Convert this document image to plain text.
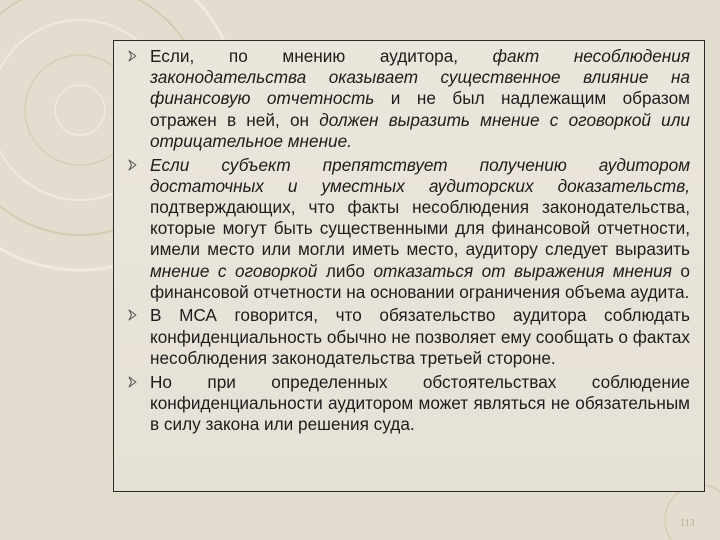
Если, по мнению аудитора, факт несоблюдения законодательства оказывает существенное влияние на финансовую отчетность и не был надлежащим образом отражен в ней, он должен выразить мнение с оговоркой или отрицательное мнение.

Если субъект препятствует получению аудитором достаточных и уместных аудиторских доказательств, подтверждающих, что факты несоблюдения законодательства, которые могут быть существенными для финансовой отчетности, имели место или могли иметь место, аудитору следует выразить мнение с оговоркой либо отказаться от выражения мнения о финансовой отчетности на основании ограничения объема аудита.

В МСА говорится, что обязательство аудитора соблюдать конфиденциальность обычно не позволяет ему сообщать о фактах несоблюдения законодательства третьей стороне.

Но при определенных обстоятельствах соблюдение конфиденциальности аудитором может являться не обязательным в силу закона или решения суда.

113
